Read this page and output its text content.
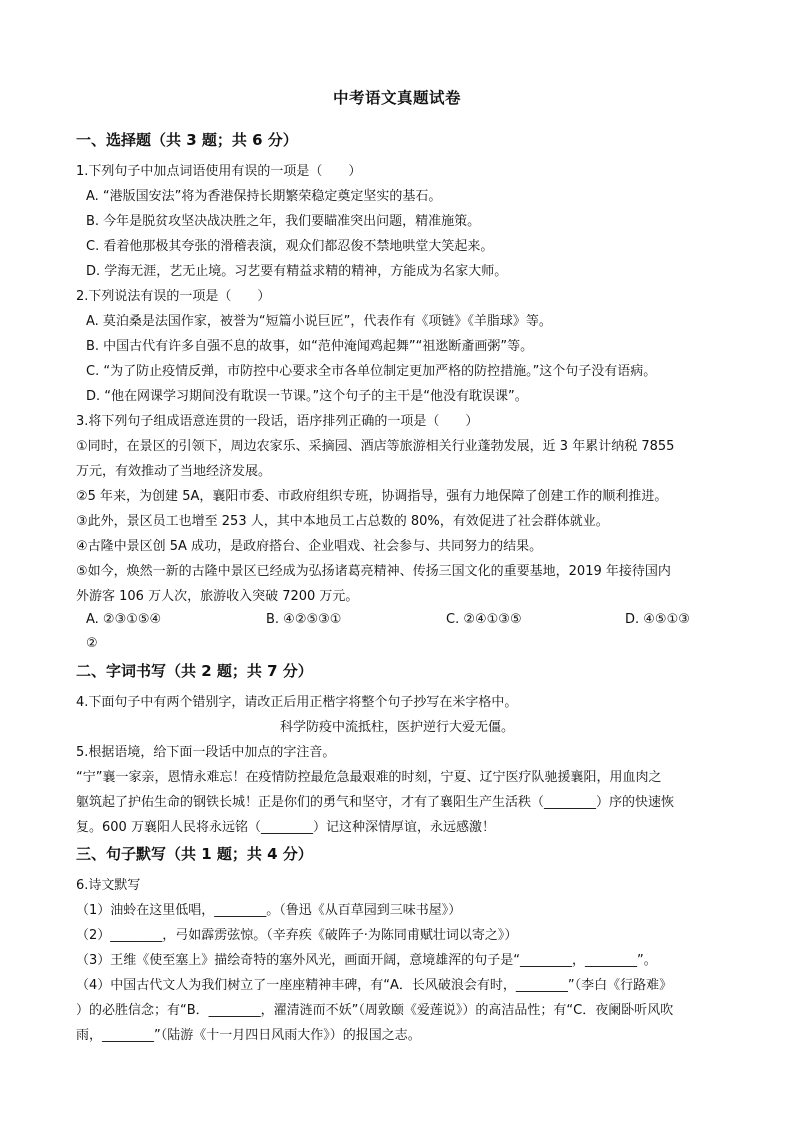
中考语文真题试卷
一、选择题（共 3 题；共 6 分）
1.下列句子中加点词语使用有误的一项是（　　）
A. “港版国安法”将为香港保持长期繁荣稳定奠定坚实的基石。
B. 今年是脱贫攻坚决战决胜之年，我们要瞄准突出问题，精准施策。
C. 看着他那极其夸张的滑稽表演，观众们都忍俊不禁地哄堂大笑起来。
D. 学海无涯，艺无止境。习艺要有精益求精的精神，方能成为名家大师。
2.下列说法有误的一项是（　　）
A. 莫泊桑是法国作家，被誉为“短篇小说巨匠”，代表作有《项链》《羊脂球》等。
B. 中国古代有许多自强不息的故事，如“范仲淹闻鸡起舞”“祖逖断齑画粥”等。
C. “为了防止疫情反弹，市防控中心要求全市各单位制定更加严格的防控措施。”这个句子没有语病。
D. “他在网课学习期间没有耽误一节课。”这个句子的主干是“他没有耽误课”。
3.将下列句子组成语意连贯的一段话，语序排列正确的一项是（　　）
①同时，在景区的引领下，周边农家乐、采摘园、酒店等旅游相关行业蓬勃发展，近 3 年累计纳税 7855
万元，有效推动了当地经济发展。
②5 年来，为创建 5A，襄阳市委、市政府组织专班，协调指导，强有力地保障了创建工作的顺利推进。
③此外，景区员工也增至 253 人，其中本地员工占总数的 80%，有效促进了社会群体就业。
④古隆中景区创 5A 成功，是政府搭台、企业唱戏、社会参与、共同努力的结果。
⑤如今，焕然一新的古隆中景区已经成为弘扬诸葛亮精神、传扬三国文化的重要基地，2019 年接待国内
外游客 106 万人次，旅游收入突破 7200 万元。
A. ②③①⑤④	B. ④②⑤③①	C. ②④①③⑤	D. ④⑤①③
②
二、字词书写（共 2 题；共 7 分）
4.下面句子中有两个错别字，请改正后用正楷字将整个句子抄写在米字格中。
科学防疫中流抵柱，医护逆行大爱无僵。
5.根据语境，给下面一段话中加点的字注音。
“宁”襄一家亲，恩情永难忘！在疫情防控最危急最艰难的时刻，宁夏、辽宁医疗队驰援襄阳，用血肉之
躯筑起了护佑生命的钢铁长城！正是你们的勇气和坚守，才有了襄阳生产生活秩（________）序的快速恢
复。600 万襄阳人民将永远铭（________）记这种深情厚谊，永远感激！
三、句子默写（共 1 题；共 4 分）
6.诗文默写
（1）油蛉在这里低唱，________。（鲁迅《从百草园到三味书屋》）
（2）________，弓如霹雳弦惊。（辛弃疾《破阵子·为陈同甫赋壮词以寄之》）
（3）王维《使至塞上》描绘奇特的塞外风光，画面开阔，意境雄浑的句子是“________，________”。
（4）中国古代文人为我们树立了一座座精神丰碑，有“A．长风破浪会有时，________”（李白《行路难》
）的必胜信念；有“B．________，濯清涟而不妖”（周敦颐《爱莲说》）的高洁品性；有“C．夜阑卧听风吹
雨，________”（陆游《十一月四日风雨大作》）的报国之志。
